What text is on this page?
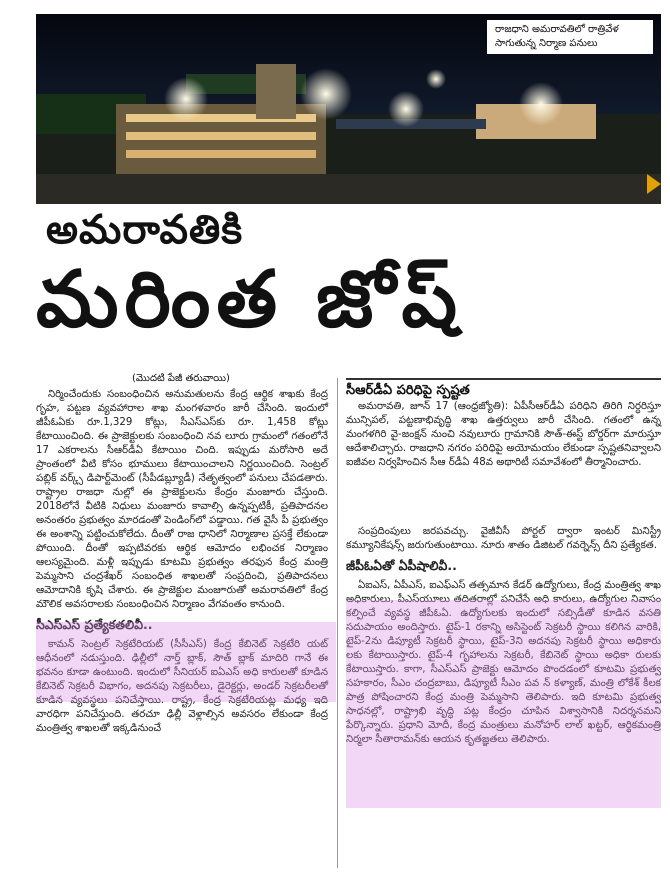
రాజధాని అమరావతిలో రాత్రివేళ
సాగుతున్న నిర్మాణ పనులు
అమరావతికి
మరింత జోష్
(మొదటి పేజీ తరువాయి)

నిర్మించేందుకు సంబంధించిన అనుమతులను కేంద్ర ఆర్థిక శాఖకు కేంద్ర గృహ, పట్టణ వ్యవహారాల శాఖ మంగళవారం జారీ చేసింది. ఇందులో జీపీఓఏకు రూ.1,329 కోట్లు, సీఎస్ఎస్‌కు రూ. 1,458 కోట్లు కేటాయించింది. ఈ ప్రాజెక్టులకు సంబంధించి నవ లూరు గ్రామంలో గతంలోనే 17 ఎకరాలను సీఆర్‌డీఏ కేటాయిం చింది. ఇప్పుడు మరోసారి అదే ప్రాంతంలో వీటి కోసం భూములు కేటాయించాలని నిర్ణయించింది. సెంట్రల్ పబ్లిక్ వర్క్స్ డిపార్ట్‌మెంట్ (సీపీడబ్ల్యూడీ) నేతృత్వంలో పనులు చేపడతారు. రాష్ట్రాల రాజధా నుల్లో ఈ ప్రాజెక్టులను కేంద్రం మంజూరు చేస్తుంది. 2018లోనే వీటికి నిధులు మంజూరు కావాల్సి ఉన్నప్పటికీ, ప్రతిపాదనల అనంతరం ప్రభుత్వం మారడంతో పెండింగ్‌లో పడ్డాయి. గత వైసీ పీ ప్రభుత్వం ఈ అంశాన్ని పట్టించుకోలేదు. దీంతో రాజ ధానిలో నిర్మాణాల ప్రసక్తే లేకుండా పోయింది. దీంతో ఇప్పటివరకు ఆర్థిక ఆమోదం లభించక నిర్మాణం ఆలస్యమైంది. మళ్లీ ఇప్పుడు కూటమి ప్రభుత్వం తరఫున కేంద్ర మంత్రి పెమ్మసాని చంద్రశేఖర్ సంబంధిత శాఖలతో సంప్రదించి, ప్రతిపాదనలు ఆమోదానికి కృషి చేశారు. ఈ ప్రాజెక్టుల మంజూరుతో అమరావతిలో కేంద్ర మౌలిక అవసరాలకు సంబంధించిన నిర్మాణం వేగవంతం కానుంది.

సీఎస్ఎస్ ప్రత్యేకతలివీ..

కామన్ సెంట్రల్ సెక్రటేరియట్ (సీసీఎస్) కేంద్ర కేబినెట్ సెక్రటేరి యట్ ఆధీనంలో నడుస్తుంది. ఢిల్లీలో నార్త్ బ్లాక్, సౌత్ బ్లాక్ మాదిరి గానే ఈ భవనం కూడా ఉంటుంది. ఇందులో సీనియర్ ఐఏఎస్ అధి కారులతో కూడిన కేబినెట్ సెక్రటరీ విభాగం, అదనపు సెక్రటరీలు, డైరెక్టర్లు, అండర్ సెక్రటరీలతో కూడిన వ్యవస్థలు పనిచేస్తాయి. రాష్ట్ర, కేంద్ర సెక్రటేరియట్ల మధ్య ఇది వారధిగా పనిచేస్తుంది. తరచూ ఢిల్లీ వెళ్లాల్సిన అవసరం లేకుండా కేంద్ర మంత్రిత్వ శాఖలతో ఇక్కడినుంచే

సీఆర్‌డీఏ పరిధిపై స్పష్టత

అమరావతి, జూన్ 17 (ఆంధ్రజ్యోతి): ఏపీసీఆర్‌డీఏ పరిధిని తిరిగి నిర్ధరిస్తూ మున్సిపల్, పట్టణాభివృద్ధి శాఖ ఉత్తర్వులు జారీ చేసింది. గతంలో ఉన్న మంగళగిరి వై-జంక్షన్ నుంచి నవులూరు గ్రామానికి సౌత్-ఈస్ట్ బోర్డర్‌గా మారుస్తూ ఆదేశాలిచ్చారు. రాజధాని నగరం పరిధిపై అయోమయం లేకుండా స్పష్టతనివ్వాలని ఐజీవల నిర్వహించిన సీఆ ర్‌డీఏ 48వ అథారిటీ సమావేశంలో తీర్మానించారు.

సంప్రదింపులు జరపవచ్చు. వైజీవీసీ పోర్టల్ ద్వారా ఇంటర్ మినిస్ట్రీ కమ్యూనికేషన్స్ జరుగుతుంటాయి. నూరు శాతం డిజిటల్ గవర్నెన్స్ దీని ప్రత్యేకత.

జీపీఓఏతో ఏపీషాలివీ..

ఏఐఎస్, ఏపీఎస్, ఐఎఫ్ఎస్ తత్సమాన కేడర్ ఉద్యోగులు, కేంద్ర మంత్రిత్వ శాఖ అధికారులు, పీఎస్‌యూలు తదితరాల్లో పనిచేసే అధి కారులు, ఉద్యోగుల నివాసం కల్పించే వ్యవస్థ జీపీఓఏ. ఉద్యోగులకు ఇందులో సబ్సిడీతో కూడిన వసతి సదుపాయం అందిస్తారు. టైప్-1 రకాన్ని అసిస్టెంట్ సెక్రటరీ స్థాయి కలిగిన వారికి, టైప్-2ను డిప్యూటీ సెక్రటరీ స్థాయి, టైప్-3ని అదనపు సెక్రటరీ స్థాయి అధికారు లకు కేటాయిస్తారు. టైప్-4 గృహాలను సెక్రటరీ, కేబినెట్ స్థాయి అధికా రులకు కేటాయిస్తారు. కాగా, సీఎస్ఎస్ ప్రాజెక్టు ఆమోదం పొందడంలో కూటమి ప్రభుత్వ సహకారం, సీఎం చంద్రబాబు, డిప్యూటీ సీఎం పవ న్ కళ్యాణ్, మంత్రి లోకేశ్ కీలక పాత్ర పోషించారని కేంద్ర మంత్రి పెమ్మసాని తెలిపారు. ఇది కూటమి ప్రభుత్వ సాధనల్లో, రాష్ట్రాభి వృద్ధి పట్ల కేంద్రం చూపిన విశ్వాసానికి నిదర్శనమని పేర్కొన్నారు. ప్రధాని మోదీ, కేంద్ర మంత్రులు మనోహర్ లాల్ ఖట్టర్, ఆర్థికమంత్రి నిర్మలా సీతారామన్‌కు ఆయన కృతజ్ఞతలు తెలిపారు.
